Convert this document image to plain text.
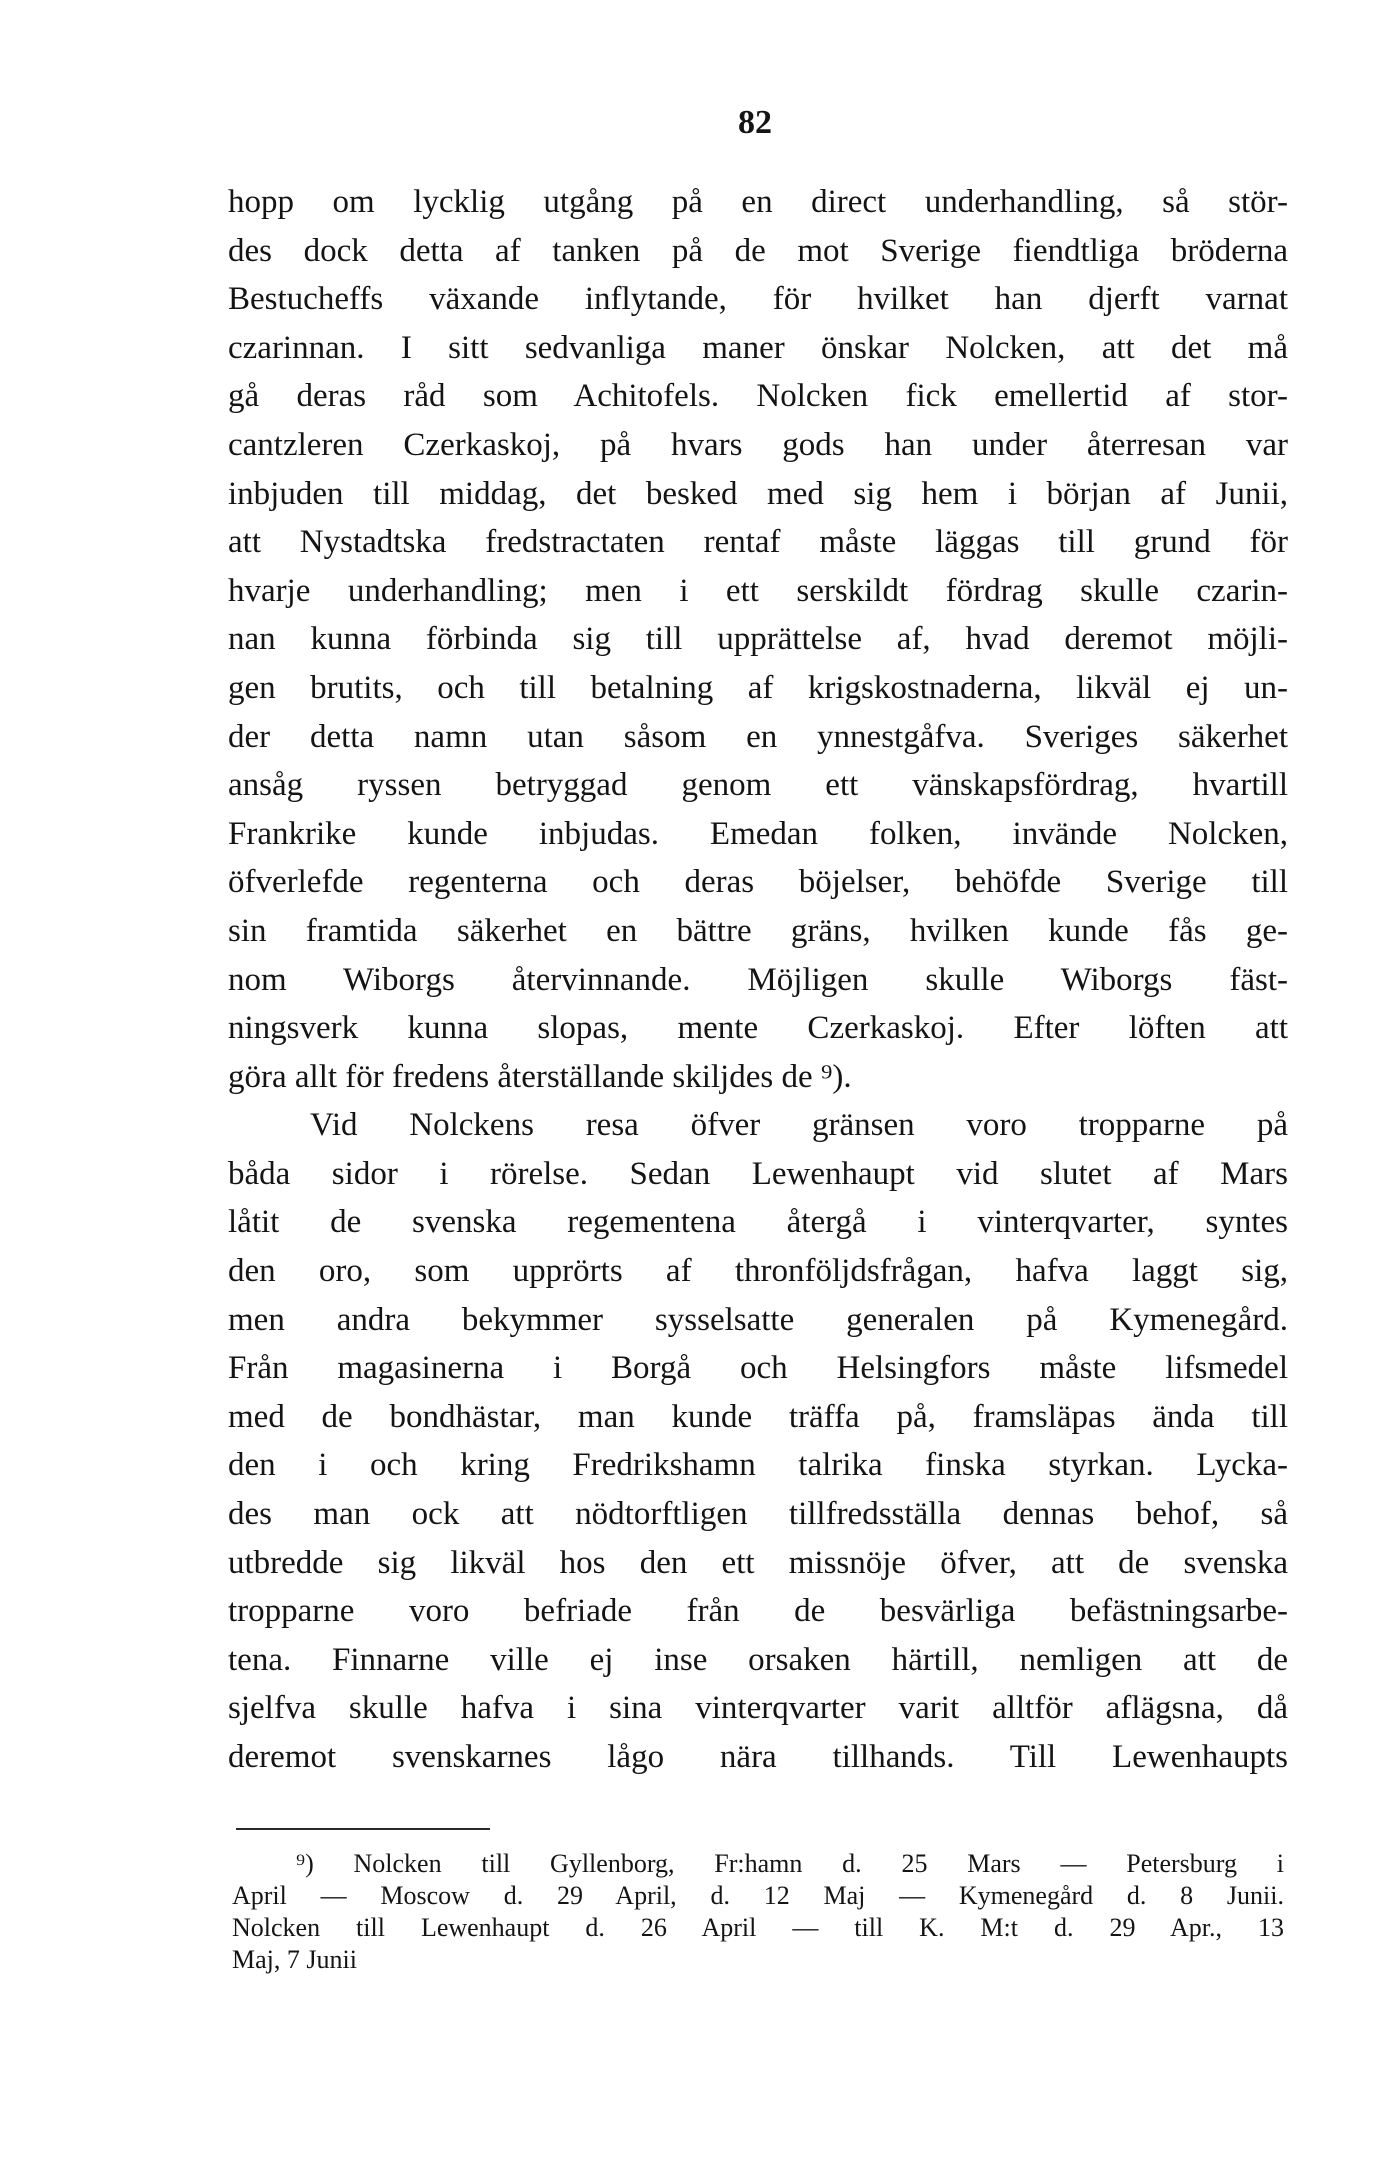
82
hopp om lycklig utgång på en direct underhandling, så stör-
des dock detta af tanken på de mot Sverige fiendtliga bröderna
Bestucheffs växande inflytande, för hvilket han djerft varnat
czarinnan. I sitt sedvanliga maner önskar Nolcken, att det må
gå deras råd som Achitofels. Nolcken fick emellertid af stor-
cantzleren Czerkaskoj, på hvars gods han under återresan var
inbjuden till middag, det besked med sig hem i början af Junii,
att Nystadtska fredstractaten rentaf måste läggas till grund för
hvarje underhandling; men i ett serskildt fördrag skulle czarin-
nan kunna förbinda sig till upprättelse af, hvad deremot möjli-
gen brutits, och till betalning af krigskostnaderna, likväl ej un-
der detta namn utan såsom en ynnestgåfva. Sveriges säkerhet
ansåg ryssen betryggad genom ett vänskapsfördrag, hvartill
Frankrike kunde inbjudas. Emedan folken, invände Nolcken,
öfverlefde regenterna och deras böjelser, behöfde Sverige till
sin framtida säkerhet en bättre gräns, hvilken kunde fås ge-
nom Wiborgs återvinnande. Möjligen skulle Wiborgs fäst-
ningsverk kunna slopas, mente Czerkaskoj. Efter löften att
göra allt för fredens återställande skiljdes de ⁹).
Vid Nolckens resa öfver gränsen voro tropparne på
båda sidor i rörelse. Sedan Lewenhaupt vid slutet af Mars
låtit de svenska regementena återgå i vinterqvarter, syntes
den oro, som upprörts af thronföljdsfrågan, hafva laggt sig,
men andra bekymmer sysselsatte generalen på Kymenegård.
Från magasinerna i Borgå och Helsingfors måste lifsmedel
med de bondhästar, man kunde träffa på, framsläpas ända till
den i och kring Fredrikshamn talrika finska styrkan. Lycka-
des man ock att nödtorftligen tillfredsställa dennas behof, så
utbredde sig likväl hos den ett missnöje öfver, att de svenska
tropparne voro befriade från de besvärliga befästningsarbe-
tena. Finnarne ville ej inse orsaken härtill, nemligen att de
sjelfva skulle hafva i sina vinterqvarter varit alltför aflägsna, då
deremot svenskarnes lågo nära tillhands. Till Lewenhaupts
⁹) Nolcken till Gyllenborg, Fr:hamn d. 25 Mars — Petersburg i
April — Moscow d. 29 April, d. 12 Maj — Kymenegård d. 8 Junii.
Nolcken till Lewenhaupt d. 26 April — till K. M:t d. 29 Apr., 13
Maj, 7 Junii
